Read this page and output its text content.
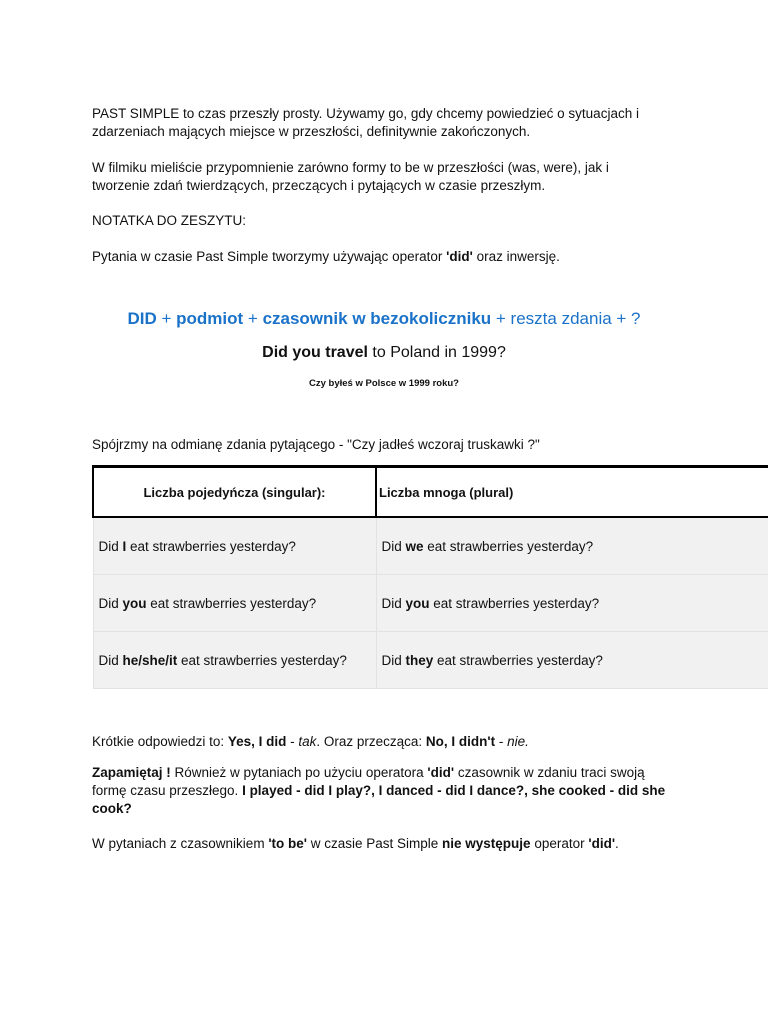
PAST SIMPLE to czas przeszły prosty. Używamy go, gdy chcemy powiedzieć o sytuacjach i
zdarzeniach mających miejsce w przeszłości, definitywnie zakończonych.

W filmiku mieliście przypomnienie zarówno formy to be w przeszłości (was, were), jak i
tworzenie zdań twierdzących, przeczących i pytających w czasie przeszłym.

NOTATKA DO ZESZYTU:

Pytania w czasie Past Simple tworzymy używając operator 'did' oraz inwersję.

DID + podmiot + czasownik w bezokoliczniku + reszta zdania + ?

Did you travel to Poland in 1999?

Czy byłeś w Polsce w 1999 roku?

Spójrzmy na odmianę zdania pytającego - "Czy jadłeś wczoraj truskawki ?"

Liczba pojedyńcza (singular):	Liczba mnoga (plural)
Did I eat strawberries yesterday?	Did we eat strawberries yesterday?
Did you eat strawberries yesterday?	Did you eat strawberries yesterday?
Did he/she/it eat strawberries yesterday?	Did they eat strawberries yesterday?

Krótkie odpowiedzi to: Yes, I did - tak. Oraz przecząca: No, I didn't - nie.

Zapamiętaj ! Również w pytaniach po użyciu operatora 'did' czasownik w zdaniu traci swoją formę czasu przeszłego. I played - did I play?, I danced - did I dance?, she cooked - did she cook?

W pytaniach z czasownikiem 'to be' w czasie Past Simple nie występuje operator 'did'.
